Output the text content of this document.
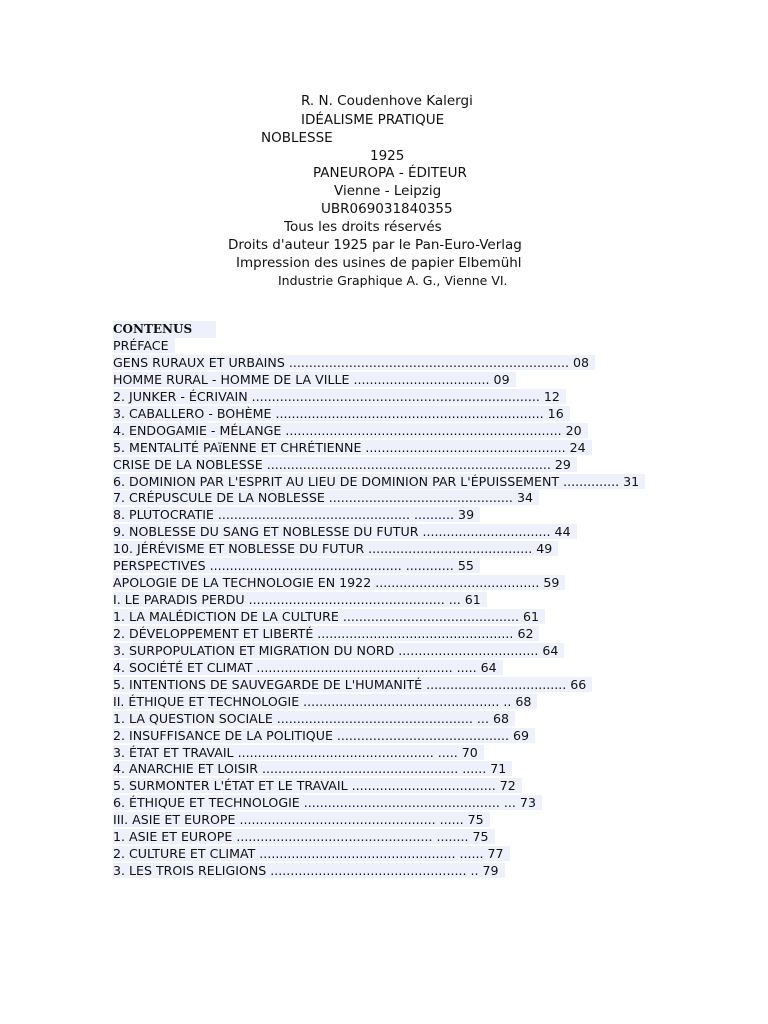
R. N. Coudenhove Kalergi
IDÉALISME PRATIQUE
NOBLESSE
1925
PANEUROPA - ÉDITEUR
Vienne - Leipzig
UBR069031840355
Tous les droits réservés
Droits d'auteur 1925 par le Pan-Euro-Verlag
Impression des usines de papier Elbemühl
Industrie Graphique A. G., Vienne VI.
CONTENUS
PRÉFACE
GENS RURAUX ET URBAINS ...................................................................... 08
HOMME RURAL - HOMME DE LA VILLE .................................. 09
2. JUNKER - ÉCRIVAIN ........................................................................ 12
3. CABALLERO - BOHÈME ................................................................... 16
4. ENDOGAMIE - MÉLANGE ..................................................................... 20
5. MENTALITÉ PAïENNE ET CHRÉTIENNE .................................................. 24
CRISE DE LA NOBLESSE ....................................................................... 29
6. DOMINION PAR L'ESPRIT AU LIEU DE DOMINION PAR L'ÉPUISSEMENT .............. 31
7. CRÉPUSCULE DE LA NOBLESSE .............................................. 34
8. PLUTOCRATIE ................................................ .......... 39
9. NOBLESSE DU SANG ET NOBLESSE DU FUTUR ................................ 44
10. JÉRÉVISME ET NOBLESSE DU FUTUR ......................................... 49
PERSPECTIVES ................................................ ............ 55
APOLOGIE DE LA TECHNOLOGIE EN 1922 ......................................... 59
I. LE PARADIS PERDU ................................................. ... 61
1. LA MALÉDICTION DE LA CULTURE ............................................ 61
2. DÉVELOPPEMENT ET LIBERTÉ ................................................. 62
3. SURPOPULATION ET MIGRATION DU NORD ................................... 64
4. SOCIÉTÉ ET CLIMAT ................................................. ..... 64
5. INTENTIONS DE SAUVEGARDE DE L'HUMANITÉ ................................... 66
II. ÉTHIQUE ET TECHNOLOGIE ................................................. .. 68
1. LA QUESTION SOCIALE ................................................. ... 68
2. INSUFFISANCE DE LA POLITIQUE ........................................... 69
3. ÉTAT ET TRAVAIL ................................................. ..... 70
4. ANARCHIE ET LOISIR ................................................. ...... 71
5. SURMONTER L'ÉTAT ET LE TRAVAIL .................................... 72
6. ÉTHIQUE ET TECHNOLOGIE ................................................. ... 73
III. ASIE ET EUROPE ................................................. ...... 75
1. ASIE ET EUROPE ................................................. ........ 75
2. CULTURE ET CLIMAT ................................................. ...... 77
3. LES TROIS RELIGIONS ................................................. .. 79
